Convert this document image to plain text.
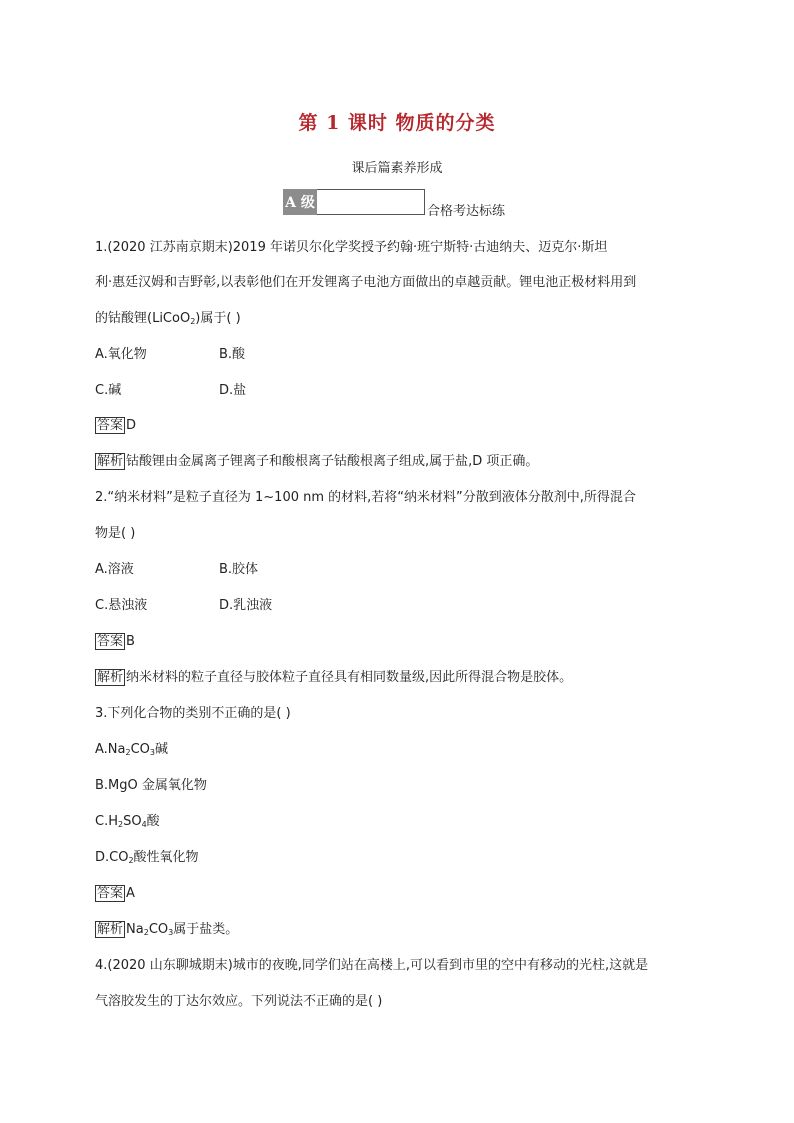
第 1 课时 物质的分类
课后篇素养形成
A 级
合格考达标练
1.(2020 江苏南京期末)2019 年诺贝尔化学奖授予约翰·班宁斯特·古迪纳夫、迈克尔·斯坦
利·惠廷汉姆和吉野彰,以表彰他们在开发锂离子电池方面做出的卓越贡献。锂电池正极材料用到
的钴酸锂(LiCoO$_2$)属于( )
A.氧化物	B.酸
C.碱	D.盐
答案 D
解析 钴酸锂由金属离子锂离子和酸根离子钴酸根离子组成,属于盐,D 项正确。
2.“纳米材料”是粒子直径为 1~100 nm 的材料,若将“纳米材料”分散到液体分散剂中,所得混合
物是( )
A.溶液	B.胶体
C.悬浊液	D.乳浊液
答案 B
解析 纳米材料的粒子直径与胶体粒子直径具有相同数量级,因此所得混合物是胶体。
3.下列化合物的类别不正确的是( )
$A.Na_2CO_3$碱
B.MgO 金属氧化物
$C.H_2SO_4$酸
$D.CO_2$酸性氧化物
答案 A
解析 $Na_2CO_3$属于盐类。
4.(2020 山东聊城期末)城市的夜晚,同学们站在高楼上,可以看到市里的空中有移动的光柱,这就是
气溶胶发生的丁达尔效应。下列说法不正确的是( )
